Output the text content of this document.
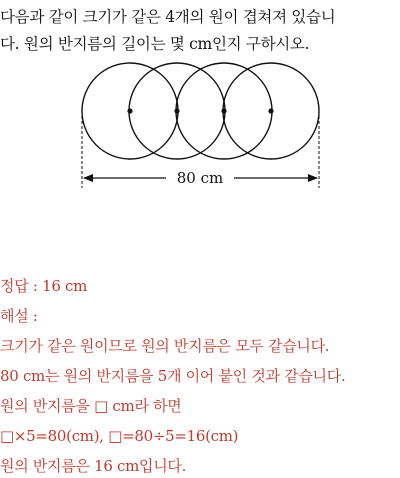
다음과 같이 크기가 같은 4개의 원이 겹쳐져 있습니
다. 원의 반지름의 길이는 몇 cm인지 구하시오.
80 cm
정답 : 16 cm
해설 :
크기가 같은 원이므로 원의 반지름은 모두 같습니다.
80 cm는 원의 반지름을 5개 이어 붙인 것과 같습니다.
원의 반지름을 □ cm라 하면
□×5=80(cm), □=80÷5=16(cm)
원의 반지름은 16 cm입니다.
